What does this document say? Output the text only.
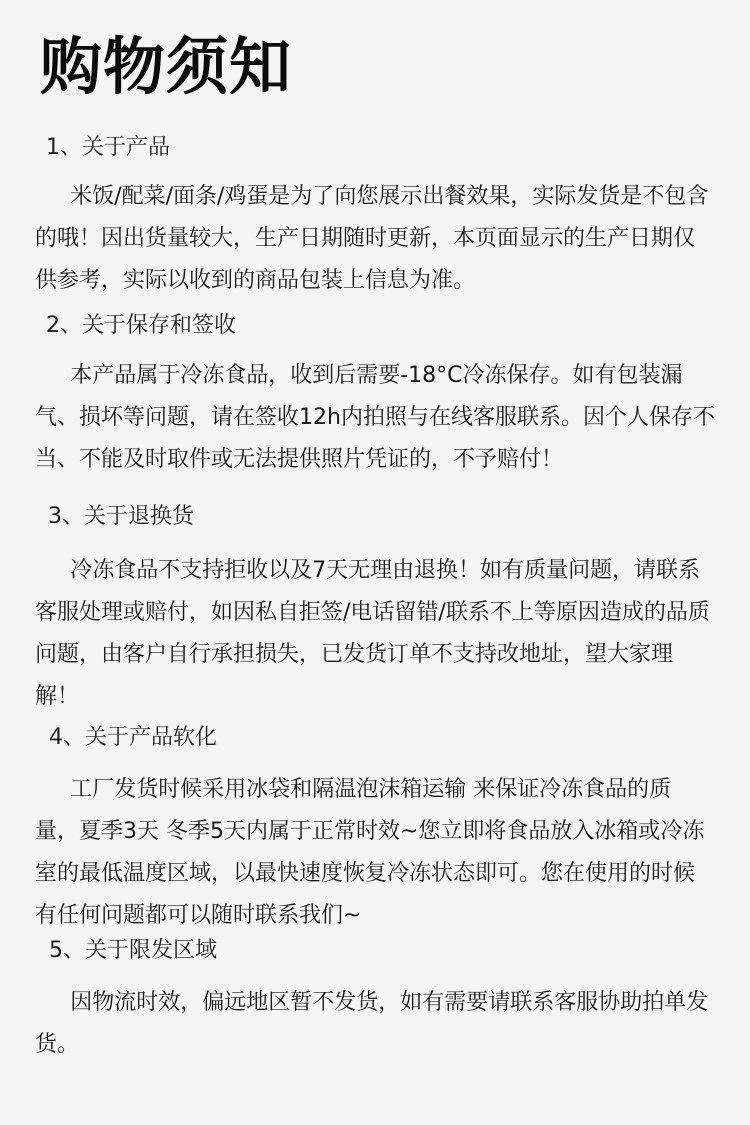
购物须知
1、关于产品

米饭/配菜/面条/鸡蛋是为了向您展示出餐效果，实际发货是不包含的哦！因出货量较大，生产日期随时更新，本页面显示的生产日期仅供参考，实际以收到的商品包装上信息为准。

2、关于保存和签收

本产品属于冷冻食品，收到后需要-18°C冷冻保存。如有包装漏气、损坏等问题，请在签收12h内拍照与在线客服联系。因个人保存不当、不能及时取件或无法提供照片凭证的，不予赔付！

3、关于退换货

冷冻食品不支持拒收以及7天无理由退换！如有质量问题，请联系客服处理或赔付，如因私自拒签/电话留错/联系不上等原因造成的品质问题，由客户自行承担损失，已发货订单不支持改地址，望大家理解！

4、关于产品软化

工厂发货时候采用冰袋和隔温泡沫箱运输 来保证冷冻食品的质量，夏季3天 冬季5天内属于正常时效~您立即将食品放入冰箱或冷冻室的最低温度区域，以最快速度恢复冷冻状态即可。您在使用的时候有任何问题都可以随时联系我们~

5、关于限发区域

因物流时效，偏远地区暂不发货，如有需要请联系客服协助拍单发货。
